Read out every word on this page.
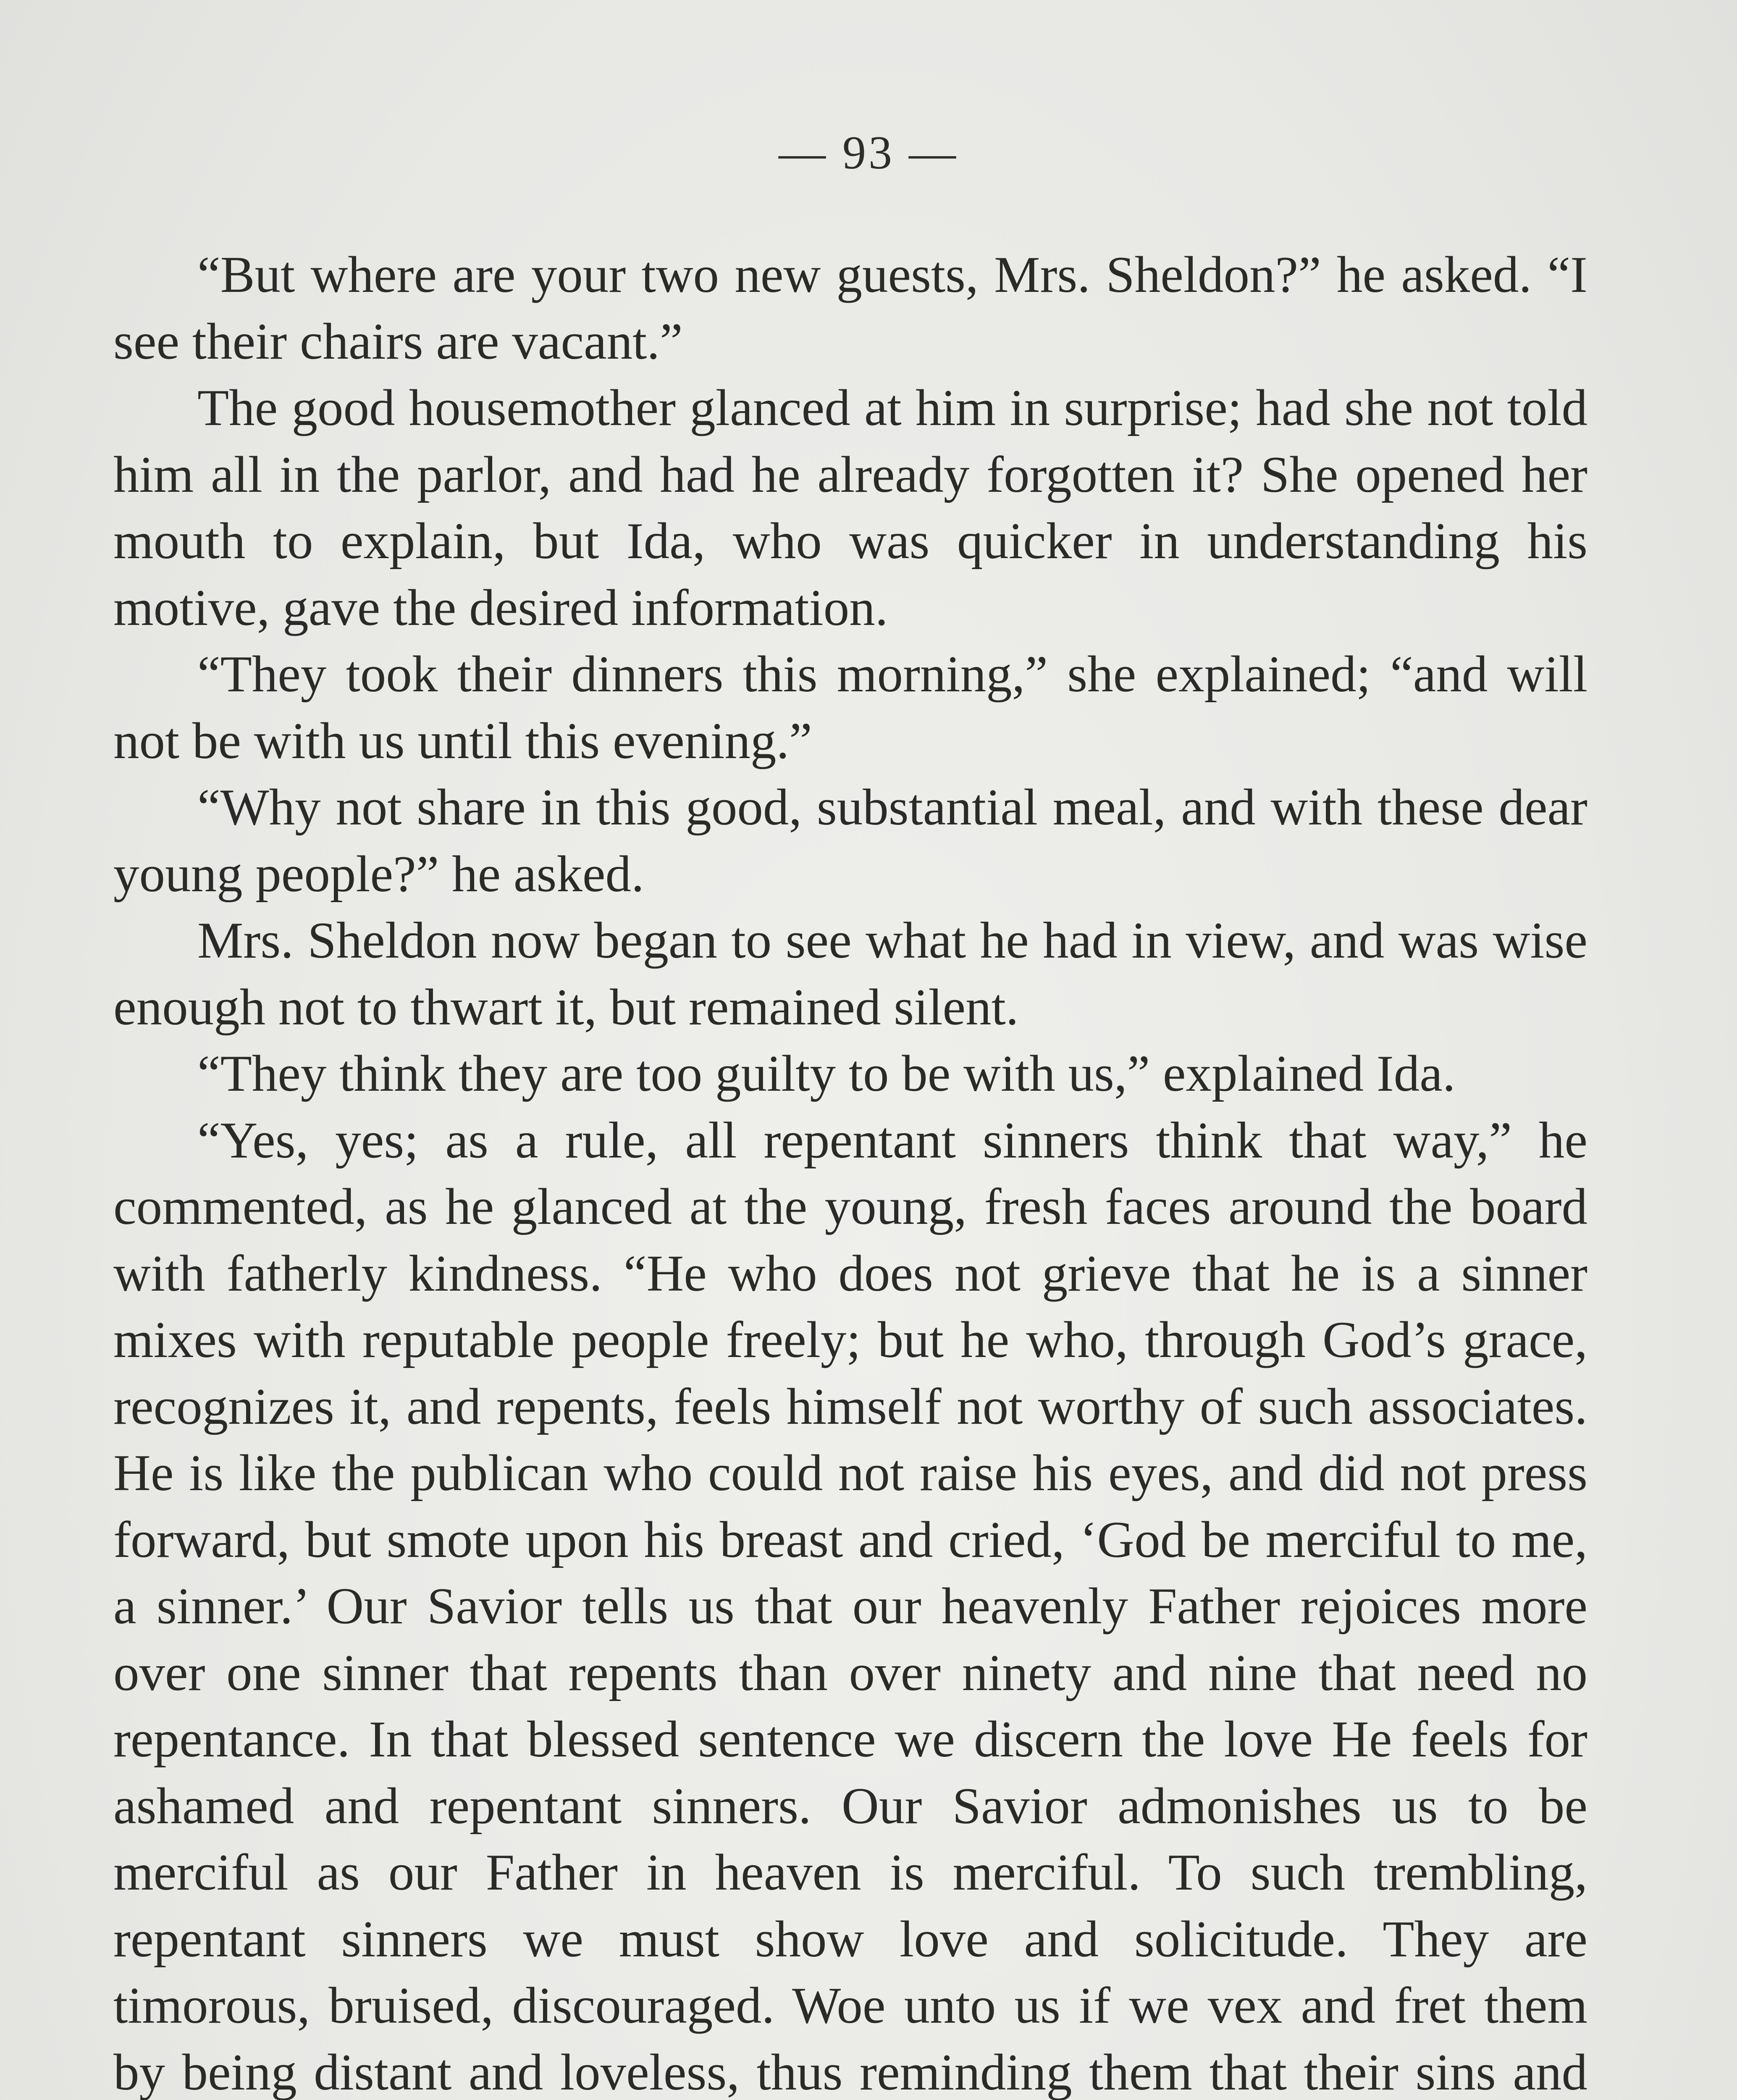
— 93 —

“But where are your two new guests, Mrs. Sheldon?” he asked. “I see their chairs are vacant.”

The good housemother glanced at him in surprise; had she not told him all in the parlor, and had he already forgotten it? She opened her mouth to explain, but Ida, who was quicker in understanding his motive, gave the desired information.

“They took their dinners this morning,” she explained; “and will not be with us until this evening.”

“Why not share in this good, substantial meal, and with these dear young people?” he asked.

Mrs. Sheldon now began to see what he had in view, and was wise enough not to thwart it, but remained silent.

“They think they are too guilty to be with us,” explained Ida.

“Yes, yes; as a rule, all repentant sinners think that way,” he commented, as he glanced at the young, fresh faces around the board with fatherly kindness. “He who does not grieve that he is a sinner mixes with reputable people freely; but he who, through God’s grace, recognizes it, and repents, feels himself not worthy of such associates. He is like the publican who could not raise his eyes, and did not press forward, but smote upon his breast and cried, ‘God be merciful to me, a sinner.’ Our Savior tells us that our heavenly Father rejoices more over one sinner that repents than over ninety and nine that need no repentance. In that blessed sentence we discern the love He feels for ashamed and repentant sinners. Our Savior admonishes us to be merciful as our Father in heaven is merciful. To such trembling, repentant sinners we must show love and solicitude. They are timorous, bruised, discouraged. Woe unto us if we vex and fret them by being distant and loveless, thus reminding them that their sins and
